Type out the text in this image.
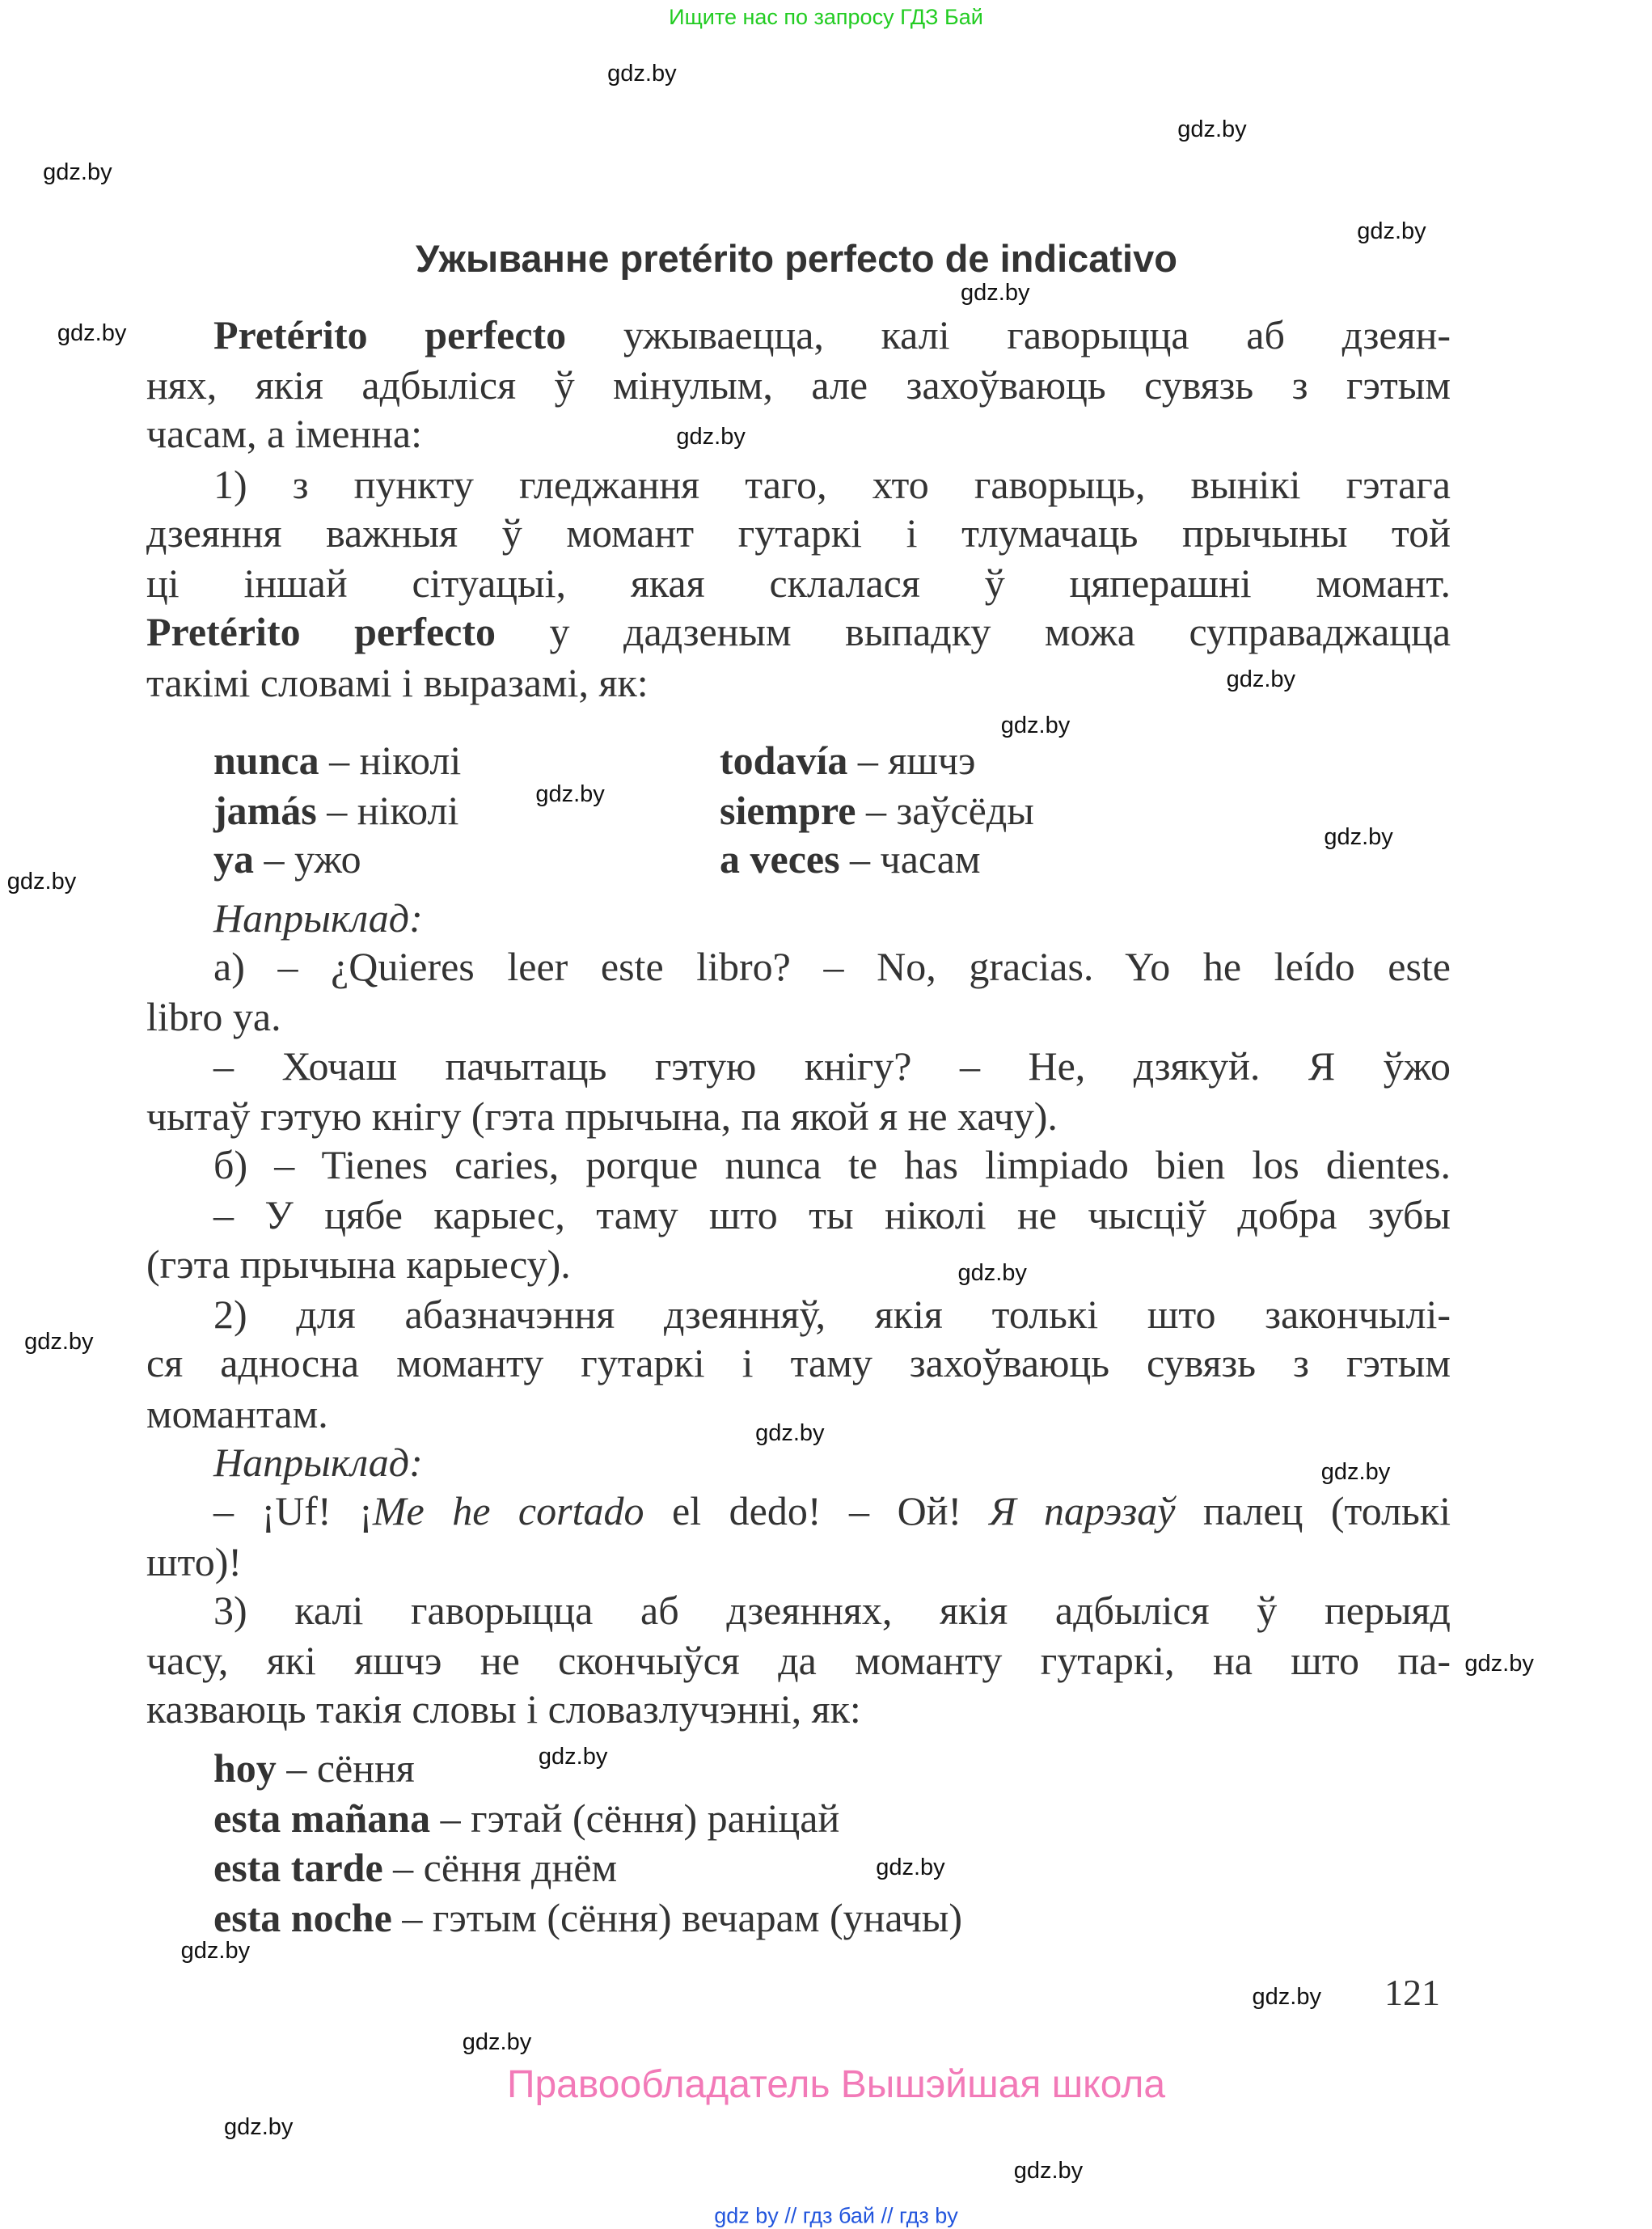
Ищите нас по запросу ГДЗ Бай
Ужыванне pretérito perfecto de indicativo
Pretérito perfecto ужываецца, калі гаворыцца аб дзеян-
нях, якія адбыліся ў мінулым, але захоўваюць сувязь з гэтым
часам, а іменна:
1) з пункту гледжання таго, хто гаворыць, вынікі гэтага
дзеяння важныя ў момант гутаркі і тлумачаць прычыны той
ці іншай сітуацыі, якая склалася ў цяперашні момант.
Pretérito perfecto у дадзеным выпадку можа суправаджацца
такімі словамі і выразамі, як:
Напрыклад:
а) – ¿Quieres leer este libro? – No, gracias. Yo he leído este
libro ya.
– Хочаш пачытаць гэтую кнігу? – Не, дзякуй. Я ўжо
чытаў гэтую кнігу (гэта прычына, па якой я не хачу).
б) – Tienes caries, porque nunca te has limpiado bien los dientes.
– У цябе карыес, таму што ты ніколі не чысціў добра зубы
(гэта прычына карыесу).
2) для абазначэння дзеянняў, якія толькі што закончылі-
ся адносна моманту гутаркі і таму захоўваюць сувязь з гэтым
момантам.
Напрыклад:
– ¡Uf! ¡Me he cortado el dedo! – Ой! Я парэзаў палец (толькі
што)!
3) калі гаворыцца аб дзеяннях, якія адбыліся ў перыяд
часу, які яшчэ не скончыўся да моманту гутаркі, на што па-
казваюць такія словы і словазлучэнні, як:
hoy – сёння
esta mañana – гэтай (сёння) раніцай
esta tarde – сёння днём
esta noche – гэтым (сёння) вечарам (уначы)
nunca – ніколі	todavía – яшчэ
jamás – ніколі	siempre – заўсёды
ya – ужо	a veces – часам
121
Правообладатель Вышэйшая школа
gdz by // гдз бай // гдз by
gdz.by
gdz.by
gdz.by
gdz.by
gdz.by
gdz.by
gdz.by
gdz.by
gdz.by
gdz.by
gdz.by
gdz.by
gdz.by
gdz.by
gdz.by
gdz.by
gdz.by
gdz.by
gdz.by
gdz.by
gdz.by
gdz.by
gdz.by
gdz.by
